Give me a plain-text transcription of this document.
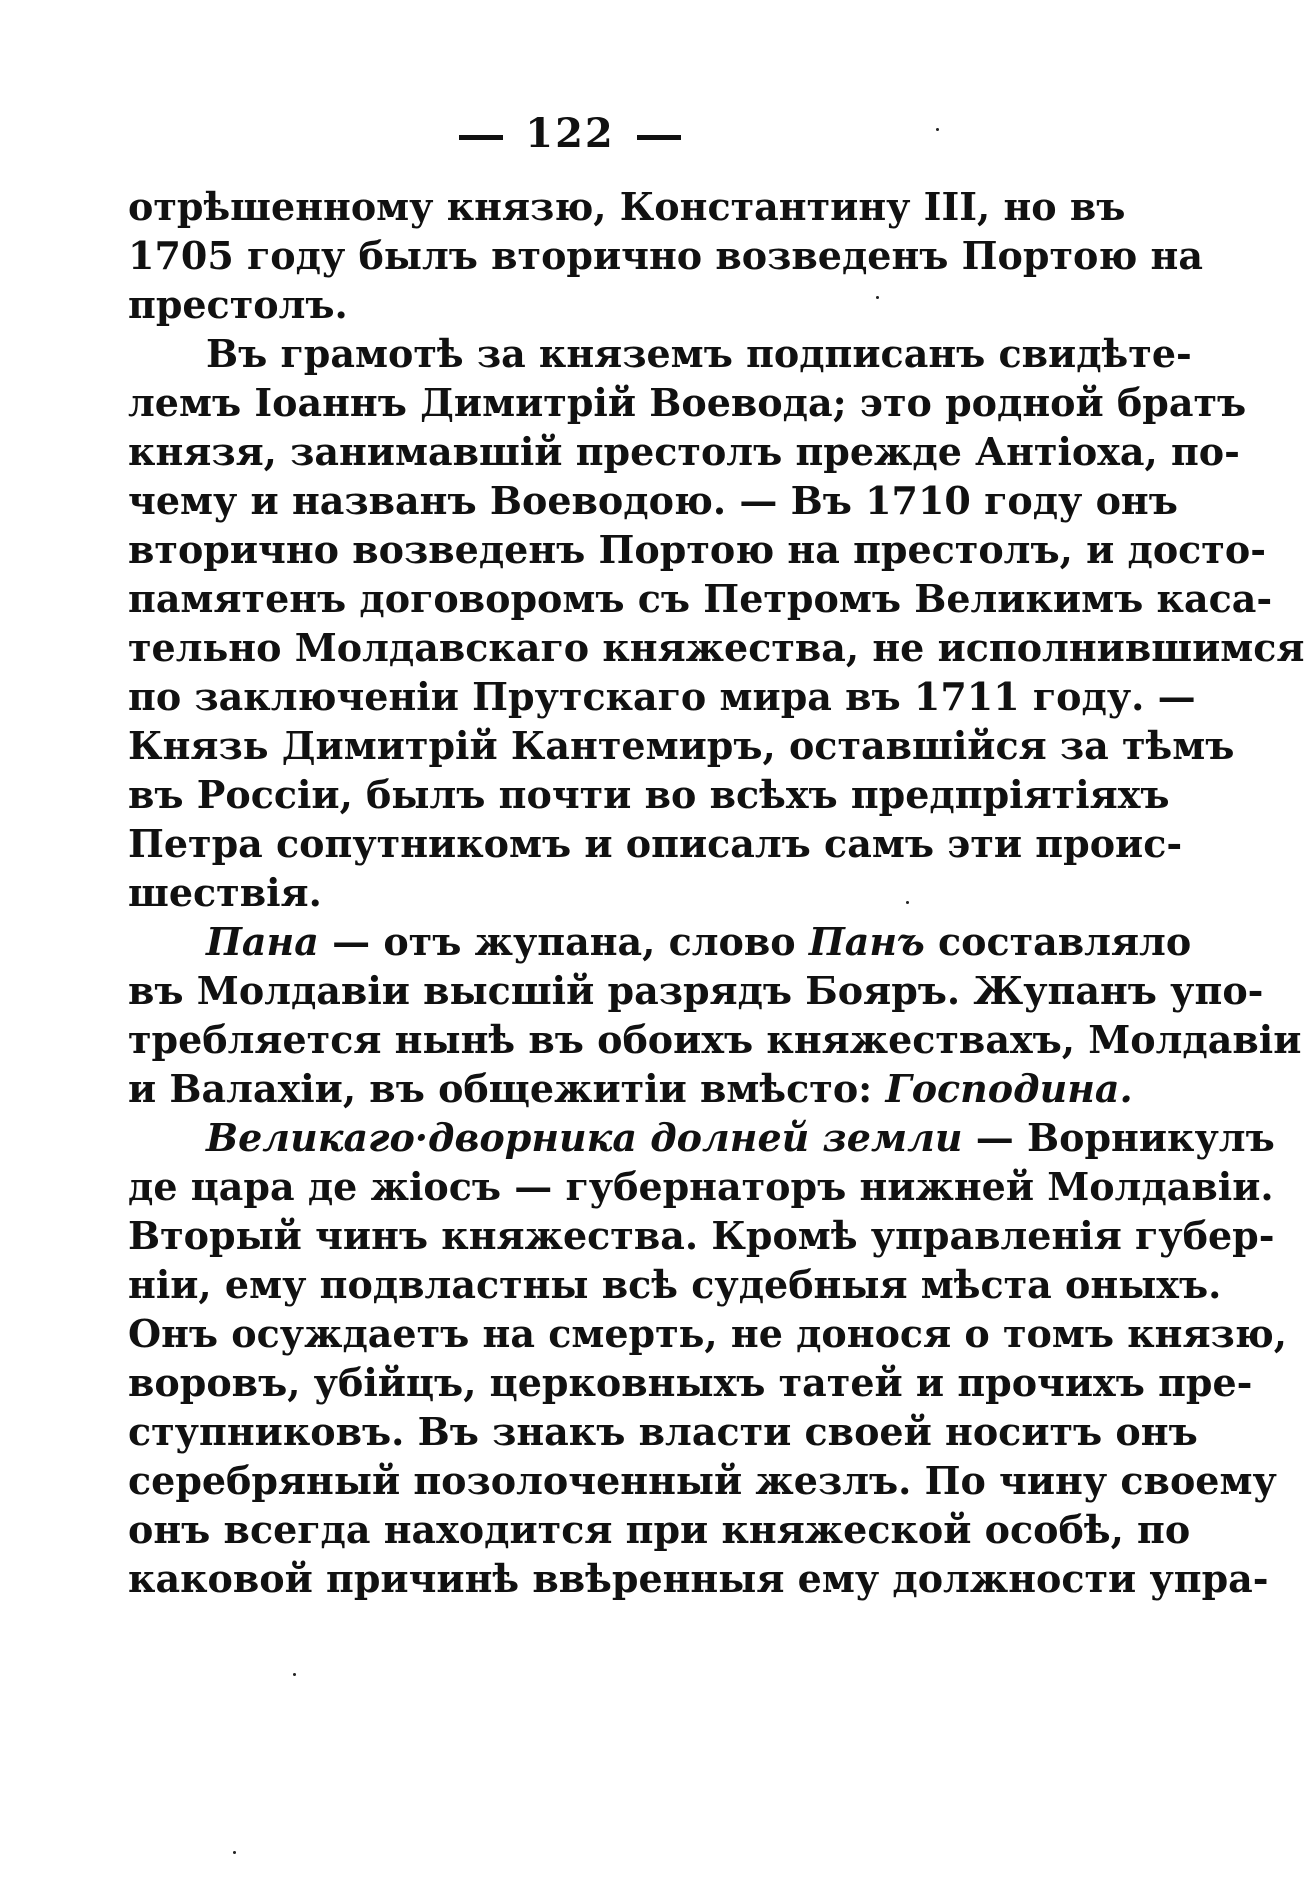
122
отрѣшенному князю, Константину III, но въ
1705 году былъ вторично возведенъ Портою на
престолъ.
Въ грамотѣ за княземъ подписанъ свидѣте-
лемъ Іоаннъ Димитрій Воевода; это родной братъ
князя, занимавшій престолъ прежде Антіоха, по-
чему и названъ Воеводою. — Въ 1710 году онъ
вторично возведенъ Портою на престолъ, и досто-
памятенъ договоромъ съ Петромъ Великимъ каса-
тельно Молдавскаго княжества, не исполнившимся
по заключеніи Прутскаго мира въ 1711 году. —
Князь Димитрій Кантемиръ, оставшійся за тѣмъ
въ Россіи, былъ почти во всѣхъ предпріятіяхъ
Петра сопутникомъ и описалъ самъ эти проис-
шествія.
Пана — отъ жупана, слово Панъ составляло
въ Молдавіи высшій разрядъ Бояръ. Жупанъ упо-
требляется нынѣ въ обоихъ княжествахъ, Молдавіи
и Валахіи, въ общежитіи вмѣсто: Господина.
Великаго·дворника долней земли — Ворникулъ
де цара де жіосъ — губернаторъ нижней Молдавіи.
Вторый чинъ княжества. Кромѣ управленія губер-
ніи, ему подвластны всѣ судебныя мѣста оныхъ.
Онъ осуждаетъ на смерть, не донося о томъ князю,
воровъ, убійцъ, церковныхъ татей и прочихъ пре-
ступниковъ. Въ знакъ власти своей носитъ онъ
серебряный позолоченный жезлъ. По чину своему
онъ всегда находится при княжеской особѣ, по
каковой причинѣ ввѣренныя ему должности упра-
